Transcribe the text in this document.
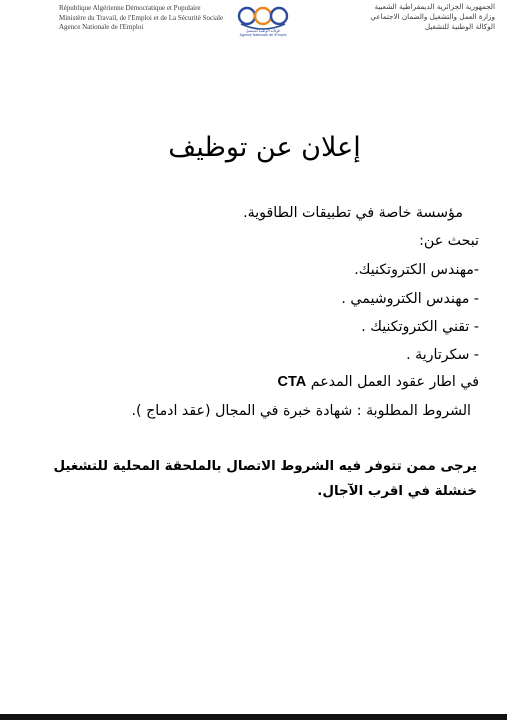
République Algérienne Démocratique et Populaire
Ministère du Travail, de l'Emploi et de La Sécurité Sociale
Agence Nationale de l'Emploi	الوكالة الوطنية للتشغيل
Agence Nationale de l'Emploi
الجمهورية الجزائرية الديمقراطية الشعبية
وزارة العمل والتشغيل والضمان الاجتماعي
الوكالة الوطنية للتشغيل
إعلان عن توظيف
مؤسسة خاصة في تطبيقات الطاقوية.
تبحث عن:
-مهندس الكتروتكنيك.
- مهندس الكتروشيمي .
- تقني الكتروتكنيك .
- سكرتارية .
في اطار عقود العمل المدعم CTA
الشروط المطلوبة : شهادة خبرة في المجال (عقد ادماج ).
يرجى ممن تتوفر فيه الشروط الاتصال بالملحقة المحلية للتشغيل خنشلة في اقرب الآجال.
